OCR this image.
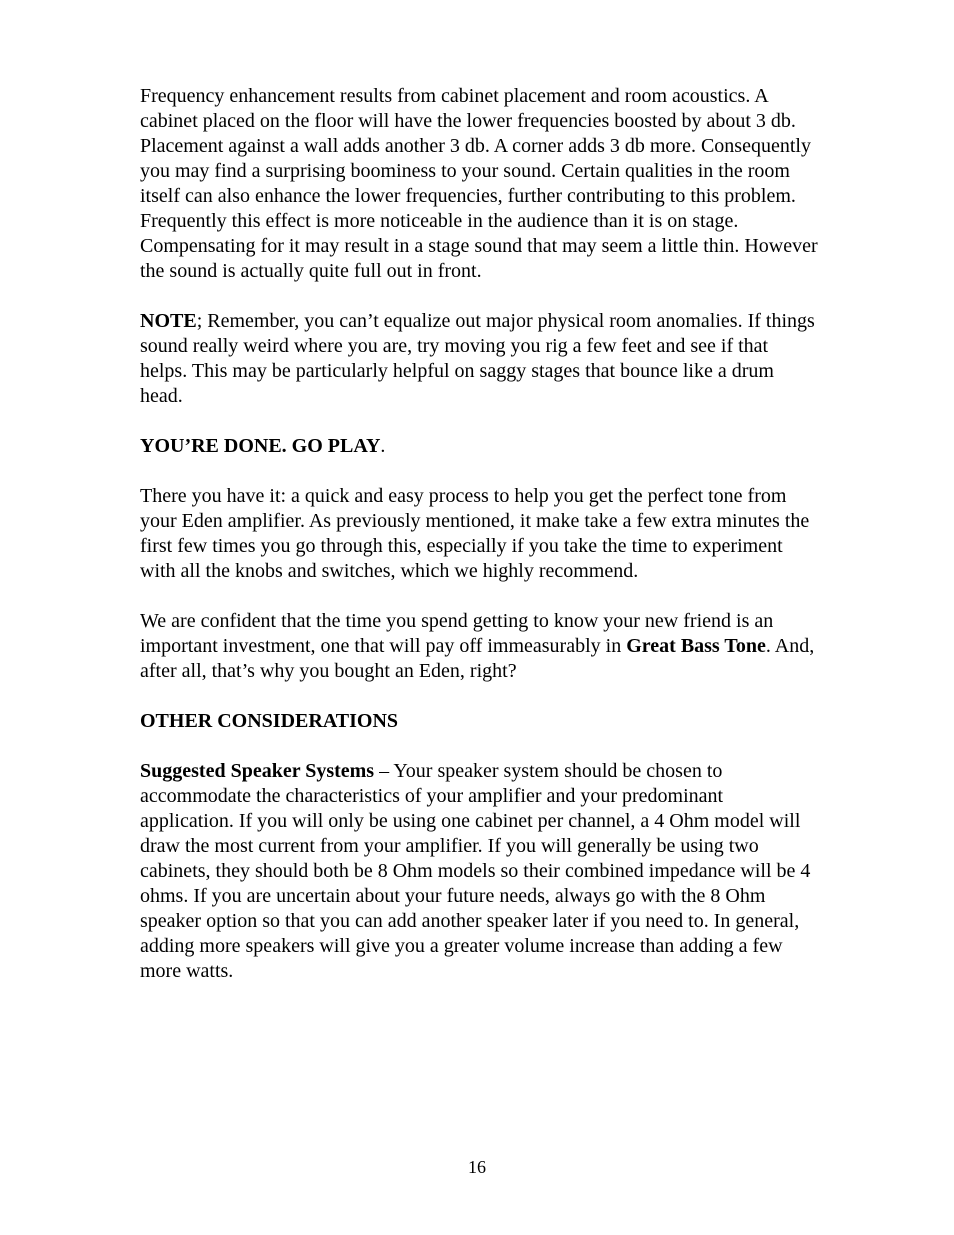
Frequency enhancement results from cabinet placement and room acoustics. A cabinet placed on the floor will have the lower frequencies boosted by about 3 db. Placement against a wall adds another 3 db. A corner adds 3 db more. Consequently you may find a surprising boominess to your sound. Certain qualities in the room itself can also enhance the lower frequencies, further contributing to this problem. Frequently this effect is more noticeable in the audience than it is on stage. Compensating for it may result in a stage sound that may seem a little thin. However the sound is actually quite full out in front.

NOTE; Remember, you can’t equalize out major physical room anomalies. If things sound really weird where you are, try moving you rig a few feet and see if that helps. This may be particularly helpful on saggy stages that bounce like a drum head.

YOU’RE DONE. GO PLAY.

There you have it: a quick and easy process to help you get the perfect tone from your Eden amplifier. As previously mentioned, it make take a few extra minutes the first few times you go through this, especially if you take the time to experiment with all the knobs and switches, which we highly recommend.

We are confident that the time you spend getting to know your new friend is an important investment, one that will pay off immeasurably in Great Bass Tone. And, after all, that’s why you bought an Eden, right?

OTHER CONSIDERATIONS

Suggested Speaker Systems – Your speaker system should be chosen to accommodate the characteristics of your amplifier and your predominant application. If you will only be using one cabinet per channel, a 4 Ohm model will draw the most current from your amplifier. If you will generally be using two cabinets, they should both be 8 Ohm models so their combined impedance will be 4 ohms. If you are uncertain about your future needs, always go with the 8 Ohm speaker option so that you can add another speaker later if you need to. In general, adding more speakers will give you a greater volume increase than adding a few more watts.

16
